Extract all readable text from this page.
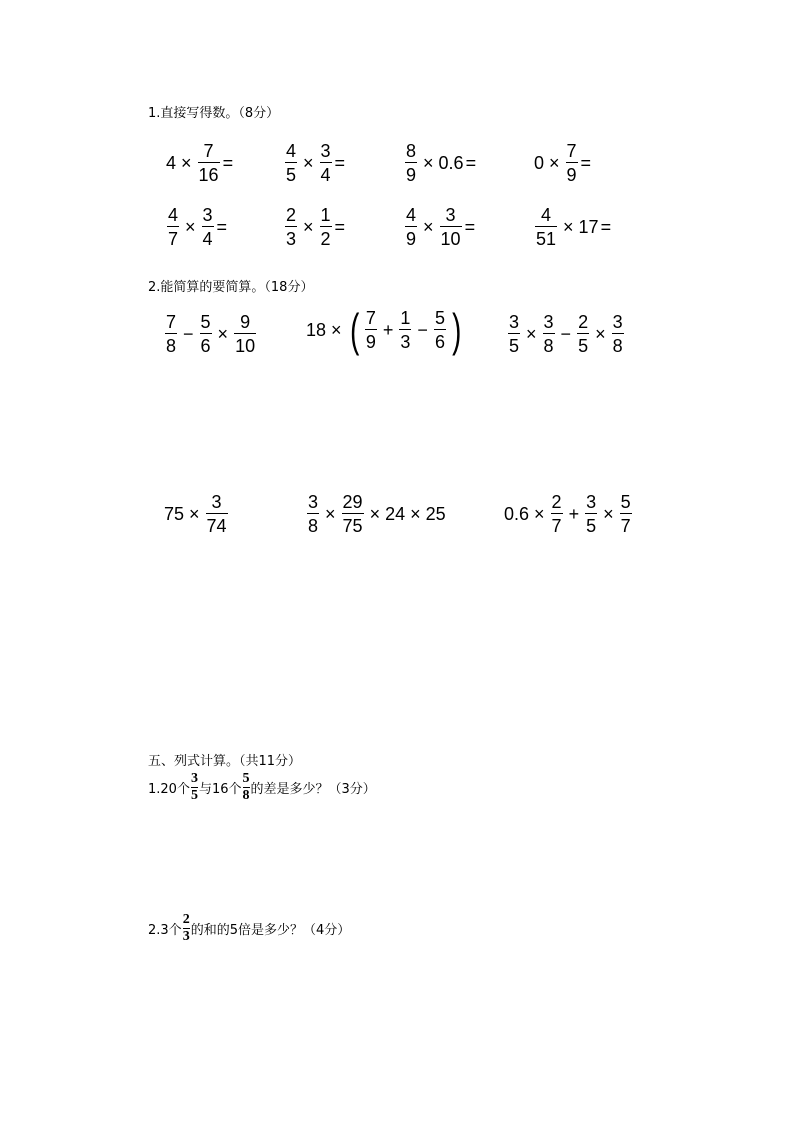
1.直接写得数。（8分）
$4 \times \frac{7}{16}$ =	$\frac{4}{5} \times \frac{3}{4}$ =	$\frac{8}{9} \times 0.6$ =	$0 \times \frac{7}{9}$ =
$\frac{4}{7} \times \frac{3}{4}$ =	$\frac{2}{3} \times \frac{1}{2}$ =	$\frac{4}{9} \times \frac{3}{10}$ =	$\frac{4}{51} \times 17$ =
2.能简算的要简算。（18分）
$\frac{7}{8} - \frac{5}{6} \times \frac{9}{10}$	18 × ( $\frac{7}{9} + \frac{1}{3} - \frac{5}{6}$ )	$\frac{3}{5} \times \frac{3}{8} - \frac{2}{5} \times \frac{3}{8}$
$75 \times \frac{3}{74}$	$\frac{3}{8} \times \frac{29}{75} \times 24 \times 25$	$0.6 \times \frac{2}{7} + \frac{3}{5} \times \frac{5}{7}$
五、列式计算。（共11分）
1.20个 $\frac{3}{5}$ 与16个 $\frac{5}{8}$ 的差是多少？（3分）
2.3个 $\frac{2}{3}$ 的和的5倍是多少？（4分）
